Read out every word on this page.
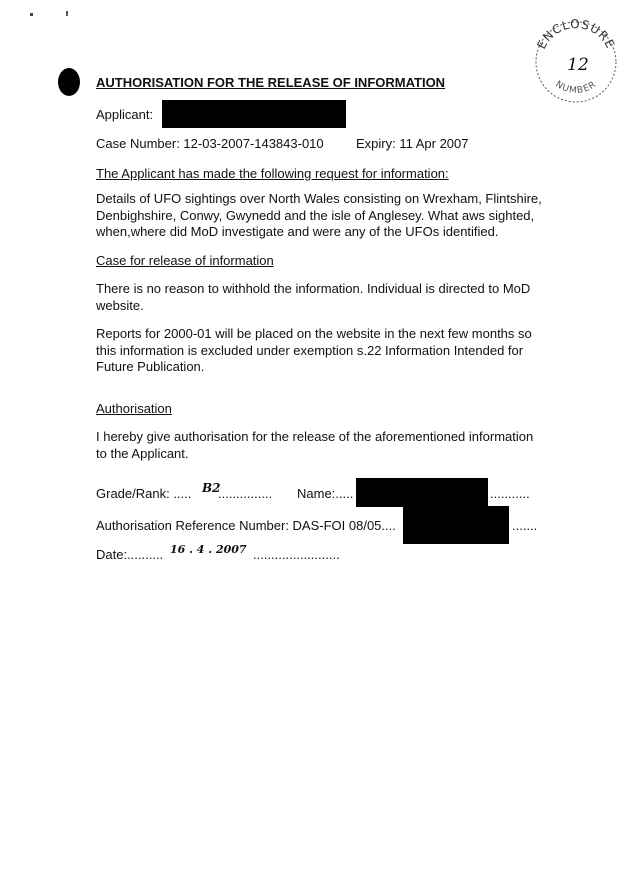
ENCLOSURE
NUMBER
12
AUTHORISATION FOR THE RELEASE OF INFORMATION
Applicant:
Case Number: 12-03-2007-143843-010 Expiry: 11 Apr 2007
The Applicant has made the following request for information:
Details of UFO sightings over North Wales consisting on Wrexham, Flintshire, Denbighshire, Conwy, Gwynedd and the isle of Anglesey. What aws sighted, when,where did MoD investigate and were any of the UFOs identified.
Case for release of information
There is no reason to withhold the information. Individual is directed to MoD website.
Reports for 2000-01 will be placed on the website in the next few months so this information is excluded under exemption s.22 Information Intended for Future Publication.
Authorisation
I hereby give authorisation for the release of the aforementioned information to the Applicant.
Grade/Rank: ..... B2
............... Name:.....	...........
Authorisation Reference Number: DAS-FOI 08/05....	.......
Date:.......... 16 . 4 . 2007 ........................
